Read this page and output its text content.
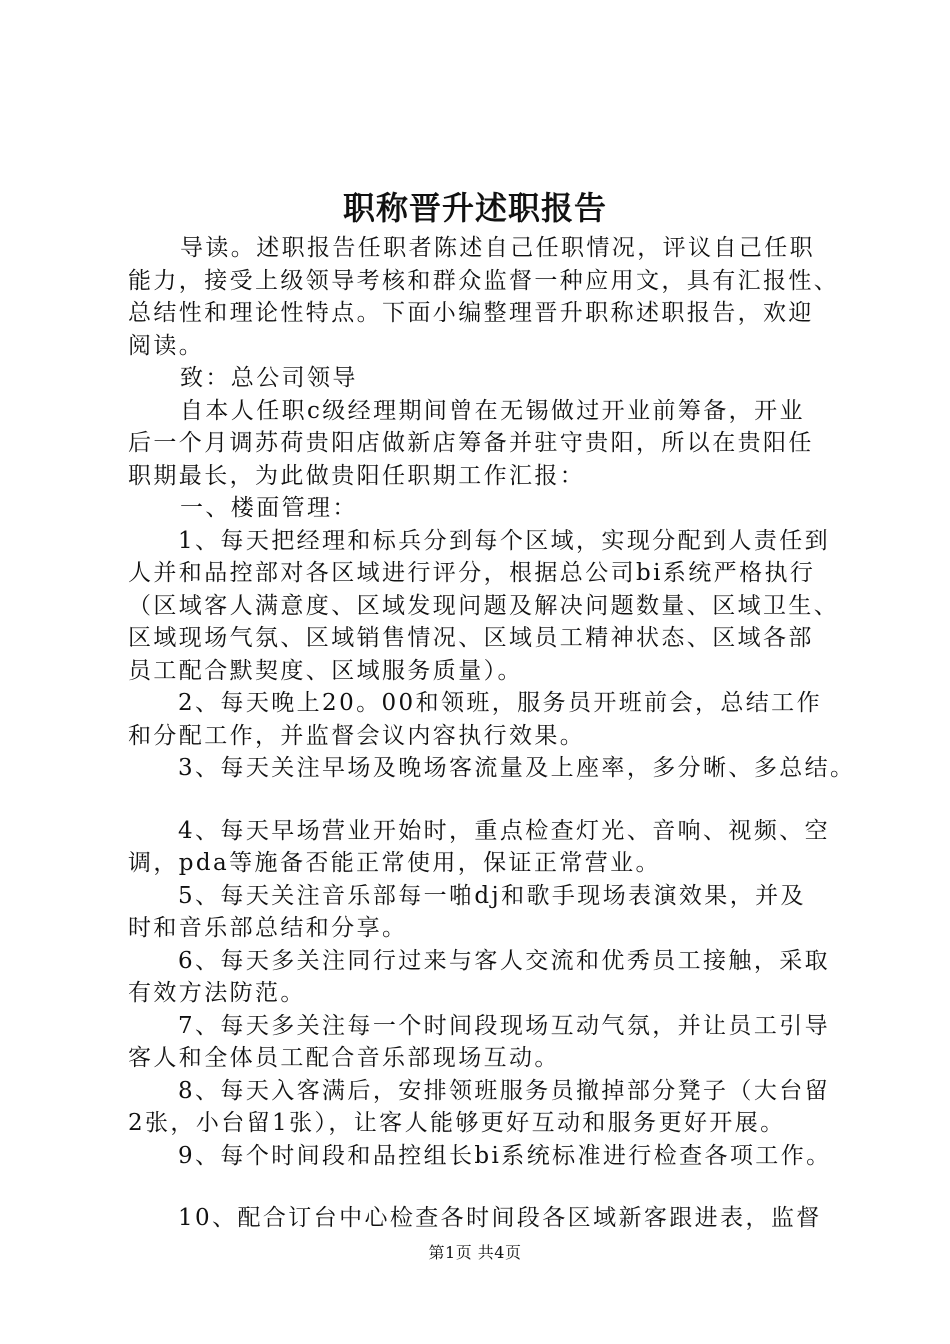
职称晋升述职报告
导读。述职报告任职者陈述自己任职情况，评议自己任职
能力，接受上级领导考核和群众监督一种应用文，具有汇报性、
总结性和理论性特点。下面小编整理晋升职称述职报告，欢迎
阅读。
致：总公司领导
自本人任职c级经理期间曾在无锡做过开业前筹备，开业
后一个月调苏荷贵阳店做新店筹备并驻守贵阳，所以在贵阳任
职期最长，为此做贵阳任职期工作汇报：
一、楼面管理：
1、每天把经理和标兵分到每个区域，实现分配到人责任到
人并和品控部对各区域进行评分，根据总公司bi系统严格执行
（区域客人满意度、区域发现问题及解决问题数量、区域卫生、
区域现场气氛、区域销售情况、区域员工精神状态、区域各部
员工配合默契度、区域服务质量）。
2、每天晚上20。00和领班，服务员开班前会，总结工作
和分配工作，并监督会议内容执行效果。
3、每天关注早场及晚场客流量及上座率，多分晰、多总结。
4、每天早场营业开始时，重点检查灯光、音响、视频、空
调，pda等施备否能正常使用，保证正常营业。
5、每天关注音乐部每一啪dj和歌手现场表演效果，并及
时和音乐部总结和分享。
6、每天多关注同行过来与客人交流和优秀员工接触，采取
有效方法防范。
7、每天多关注每一个时间段现场互动气氛，并让员工引导
客人和全体员工配合音乐部现场互动。
8、每天入客满后，安排领班服务员撤掉部分凳子（大台留
2张，小台留1张），让客人能够更好互动和服务更好开展。
9、每个时间段和品控组长bi系统标准进行检查各项工作。
10、配合订台中心检查各时间段各区域新客跟进表，监督
第1页 共4页
